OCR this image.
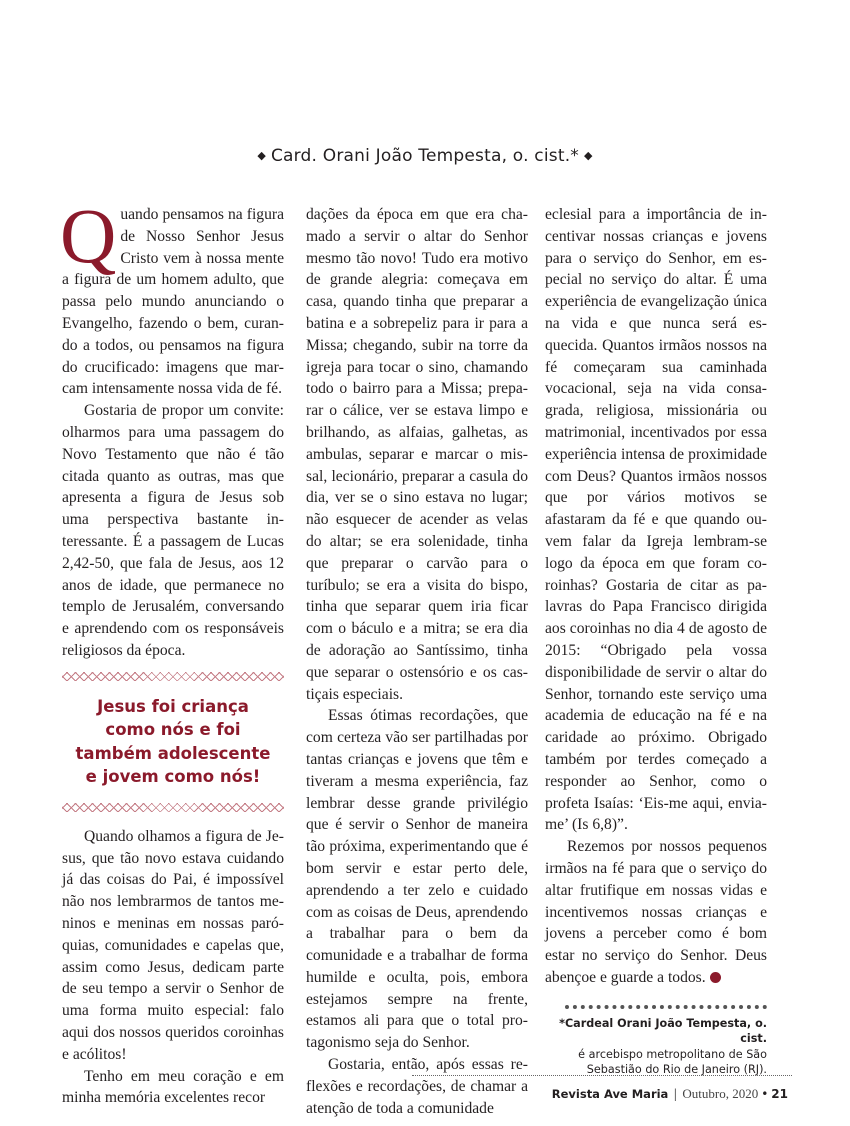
◆ Card. Orani João Tempesta, o. cist.* ◆

Quando pensamos na figura de Nosso Senhor Jesus Cristo vem à nossa mente a figura de um homem adulto, que passa pelo mundo anunciando o Evangelho, fazendo o bem, curando a todos, ou pensamos na figura do crucificado: imagens que marcam intensamente nossa vida de fé.

Gostaria de propor um convite: olharmos para uma passagem do Novo Testamento que não é tão citada quanto as outras, mas que apresenta a figura de Jesus sob uma perspectiva bastante interessante. É a passagem de Lucas 2,42-50, que fala de Jesus, aos 12 anos de idade, que permanece no templo de Jerusalém, conversando e aprendendo com os responsáveis religiosos da época.

Jesus foi criança
como nós e foi
também adolescente
e jovem como nós!

Quando olhamos a figura de Jesus, que tão novo estava cuidando já das coisas do Pai, é impossível não nos lembrarmos de tantos meninos e meninas em nossas paróquias, comunidades e capelas que, assim como Jesus, dedicam parte de seu tempo a servir o Senhor de uma forma muito especial: falo aqui dos nossos queridos coroinhas e acólitos!

Tenho em meu coração e em minha memória excelentes recor

dações da época em que era chamado a servir o altar do Senhor mesmo tão novo! Tudo era motivo de grande alegria: começava em casa, quando tinha que preparar a batina e a sobrepeliz para ir para a Missa; chegando, subir na torre da igreja para tocar o sino, chamando todo o bairro para a Missa; preparar o cálice, ver se estava limpo e brilhando, as alfaias, galhetas, as ambulas, separar e marcar o missal, lecionário, preparar a casula do dia, ver se o sino estava no lugar; não esquecer de acender as velas do altar; se era solenidade, tinha que preparar o carvão para o turíbulo; se era a visita do bispo, tinha que separar quem iria ficar com o báculo e a mitra; se era dia de adoração ao Santíssimo, tinha que separar o ostensório e os castiçais especiais.

Essas ótimas recordações, que com certeza vão ser partilhadas por tantas crianças e jovens que têm e tiveram a mesma experiência, faz lembrar desse grande privilégio que é servir o Senhor de maneira tão próxima, experimentando que é bom servir e estar perto dele, aprendendo a ter zelo e cuidado com as coisas de Deus, aprendendo a trabalhar para o bem da comunidade e a trabalhar de forma humilde e oculta, pois, embora estejamos sempre na frente, estamos ali para que o total protagonismo seja do Senhor.

Gostaria, então, após essas reflexões e recordações, de chamar a atenção de toda a comunidade

eclesial para a importância de incentivar nossas crianças e jovens para o serviço do Senhor, em especial no serviço do altar. É uma experiência de evangelização única na vida e que nunca será esquecida. Quantos irmãos nossos na fé começaram sua caminhada vocacional, seja na vida consagrada, religiosa, missionária ou matrimonial, incentivados por essa experiência intensa de proximidade com Deus? Quantos irmãos nossos que por vários motivos se afastaram da fé e que quando ouvem falar da Igreja lembram-se logo da época em que foram coroinhas? Gostaria de citar as palavras do Papa Francisco dirigida aos coroinhas no dia 4 de agosto de 2015: “Obrigado pela vossa disponibilidade de servir o altar do Senhor, tornando este serviço uma academia de educação na fé e na caridade ao próximo. Obrigado também por terdes começado a responder ao Senhor, como o profeta Isaías: ‘Eis-me aqui, envia-me’ (Is 6,8)”.

Rezemos por nossos pequenos irmãos na fé para que o serviço do altar frutifique em nossas vidas e incentivemos nossas crianças e jovens a perceber como é bom estar no serviço do Senhor. Deus abençoe e guarde a todos.

*Cardeal Orani João Tempesta, o. cist.
é arcebispo metropolitano de São
Sebastião do Rio de Janeiro (RJ).
Revista Ave Maria | Outubro, 2020 • 21
